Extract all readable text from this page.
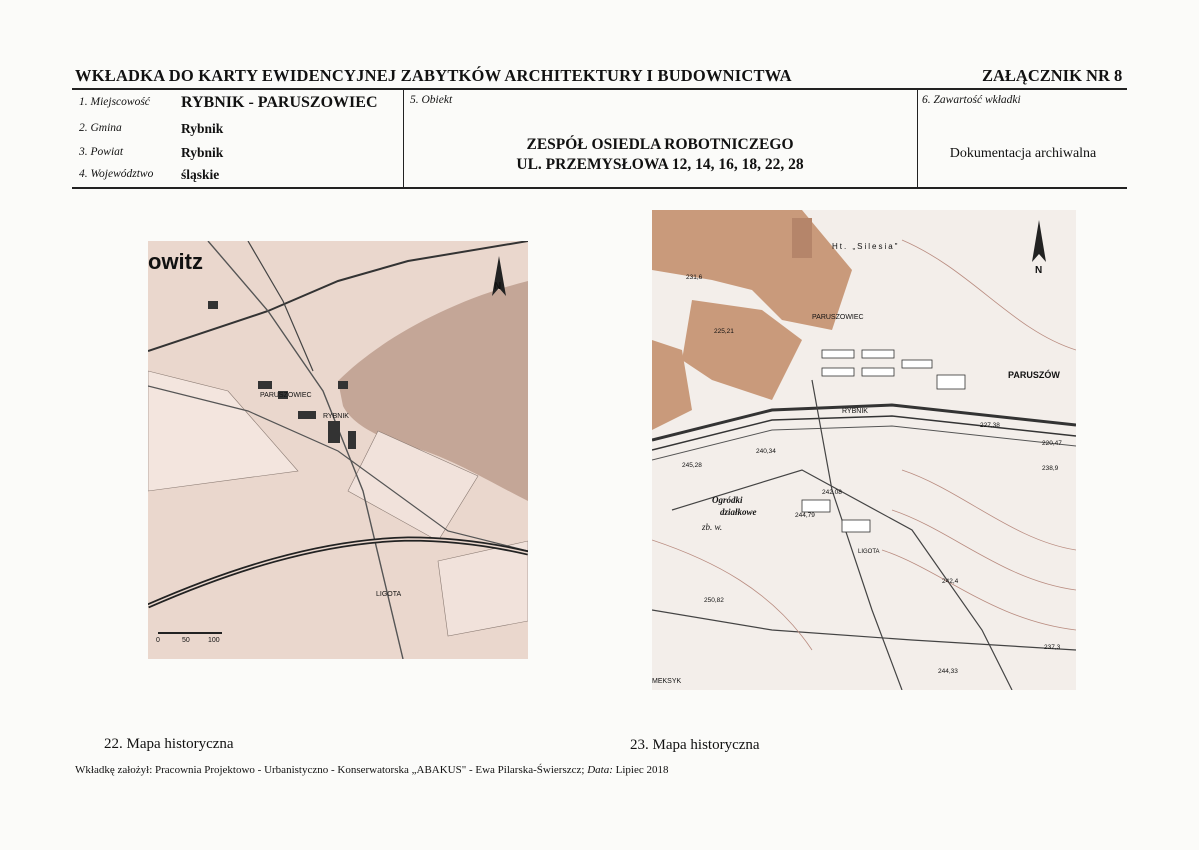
WKŁADKA DO KARTY EWIDENCYJNEJ ZABYTKÓW ARCHITEKTURY I BUDOWNICTWA	ZAŁĄCZNIK NR 8
1. Miejscowość RYBNIK - PARUSZOWIEC
2. Gmina	Rybnik
3. Powiat	Rybnik
4. Województwo śląskie
5. Obiekt
ZESPÓŁ OSIEDLA ROBOTNICZEGO
UL. PRZEMYSŁOWA 12, 14, 16, 18, 22, 28
6. Zawartość wkładki
Dokumentacja archiwalna
owitz
PARUSZOWIEC
RYBNIK
LIGOTA
N
0	50	100
Ht. „Silesia"
PARUSZOWIEC
PARUSZÓW
RYBNIK
Ogródki
działkowe
zb. w.
LIGOTA
MEKSYK
N
231,6
225,21
245,28
240,34
242,08
244,79
227,38
220,47
238,9
242,4
250,82
244,33
237,3
22. Mapa historyczna	23. Mapa historyczna
Wkładkę założył: Pracownia Projektowo - Urbanistyczno - Konserwatorska „ABAKUS" - Ewa Pilarska-Świerszcz; Data: Lipiec 2018
